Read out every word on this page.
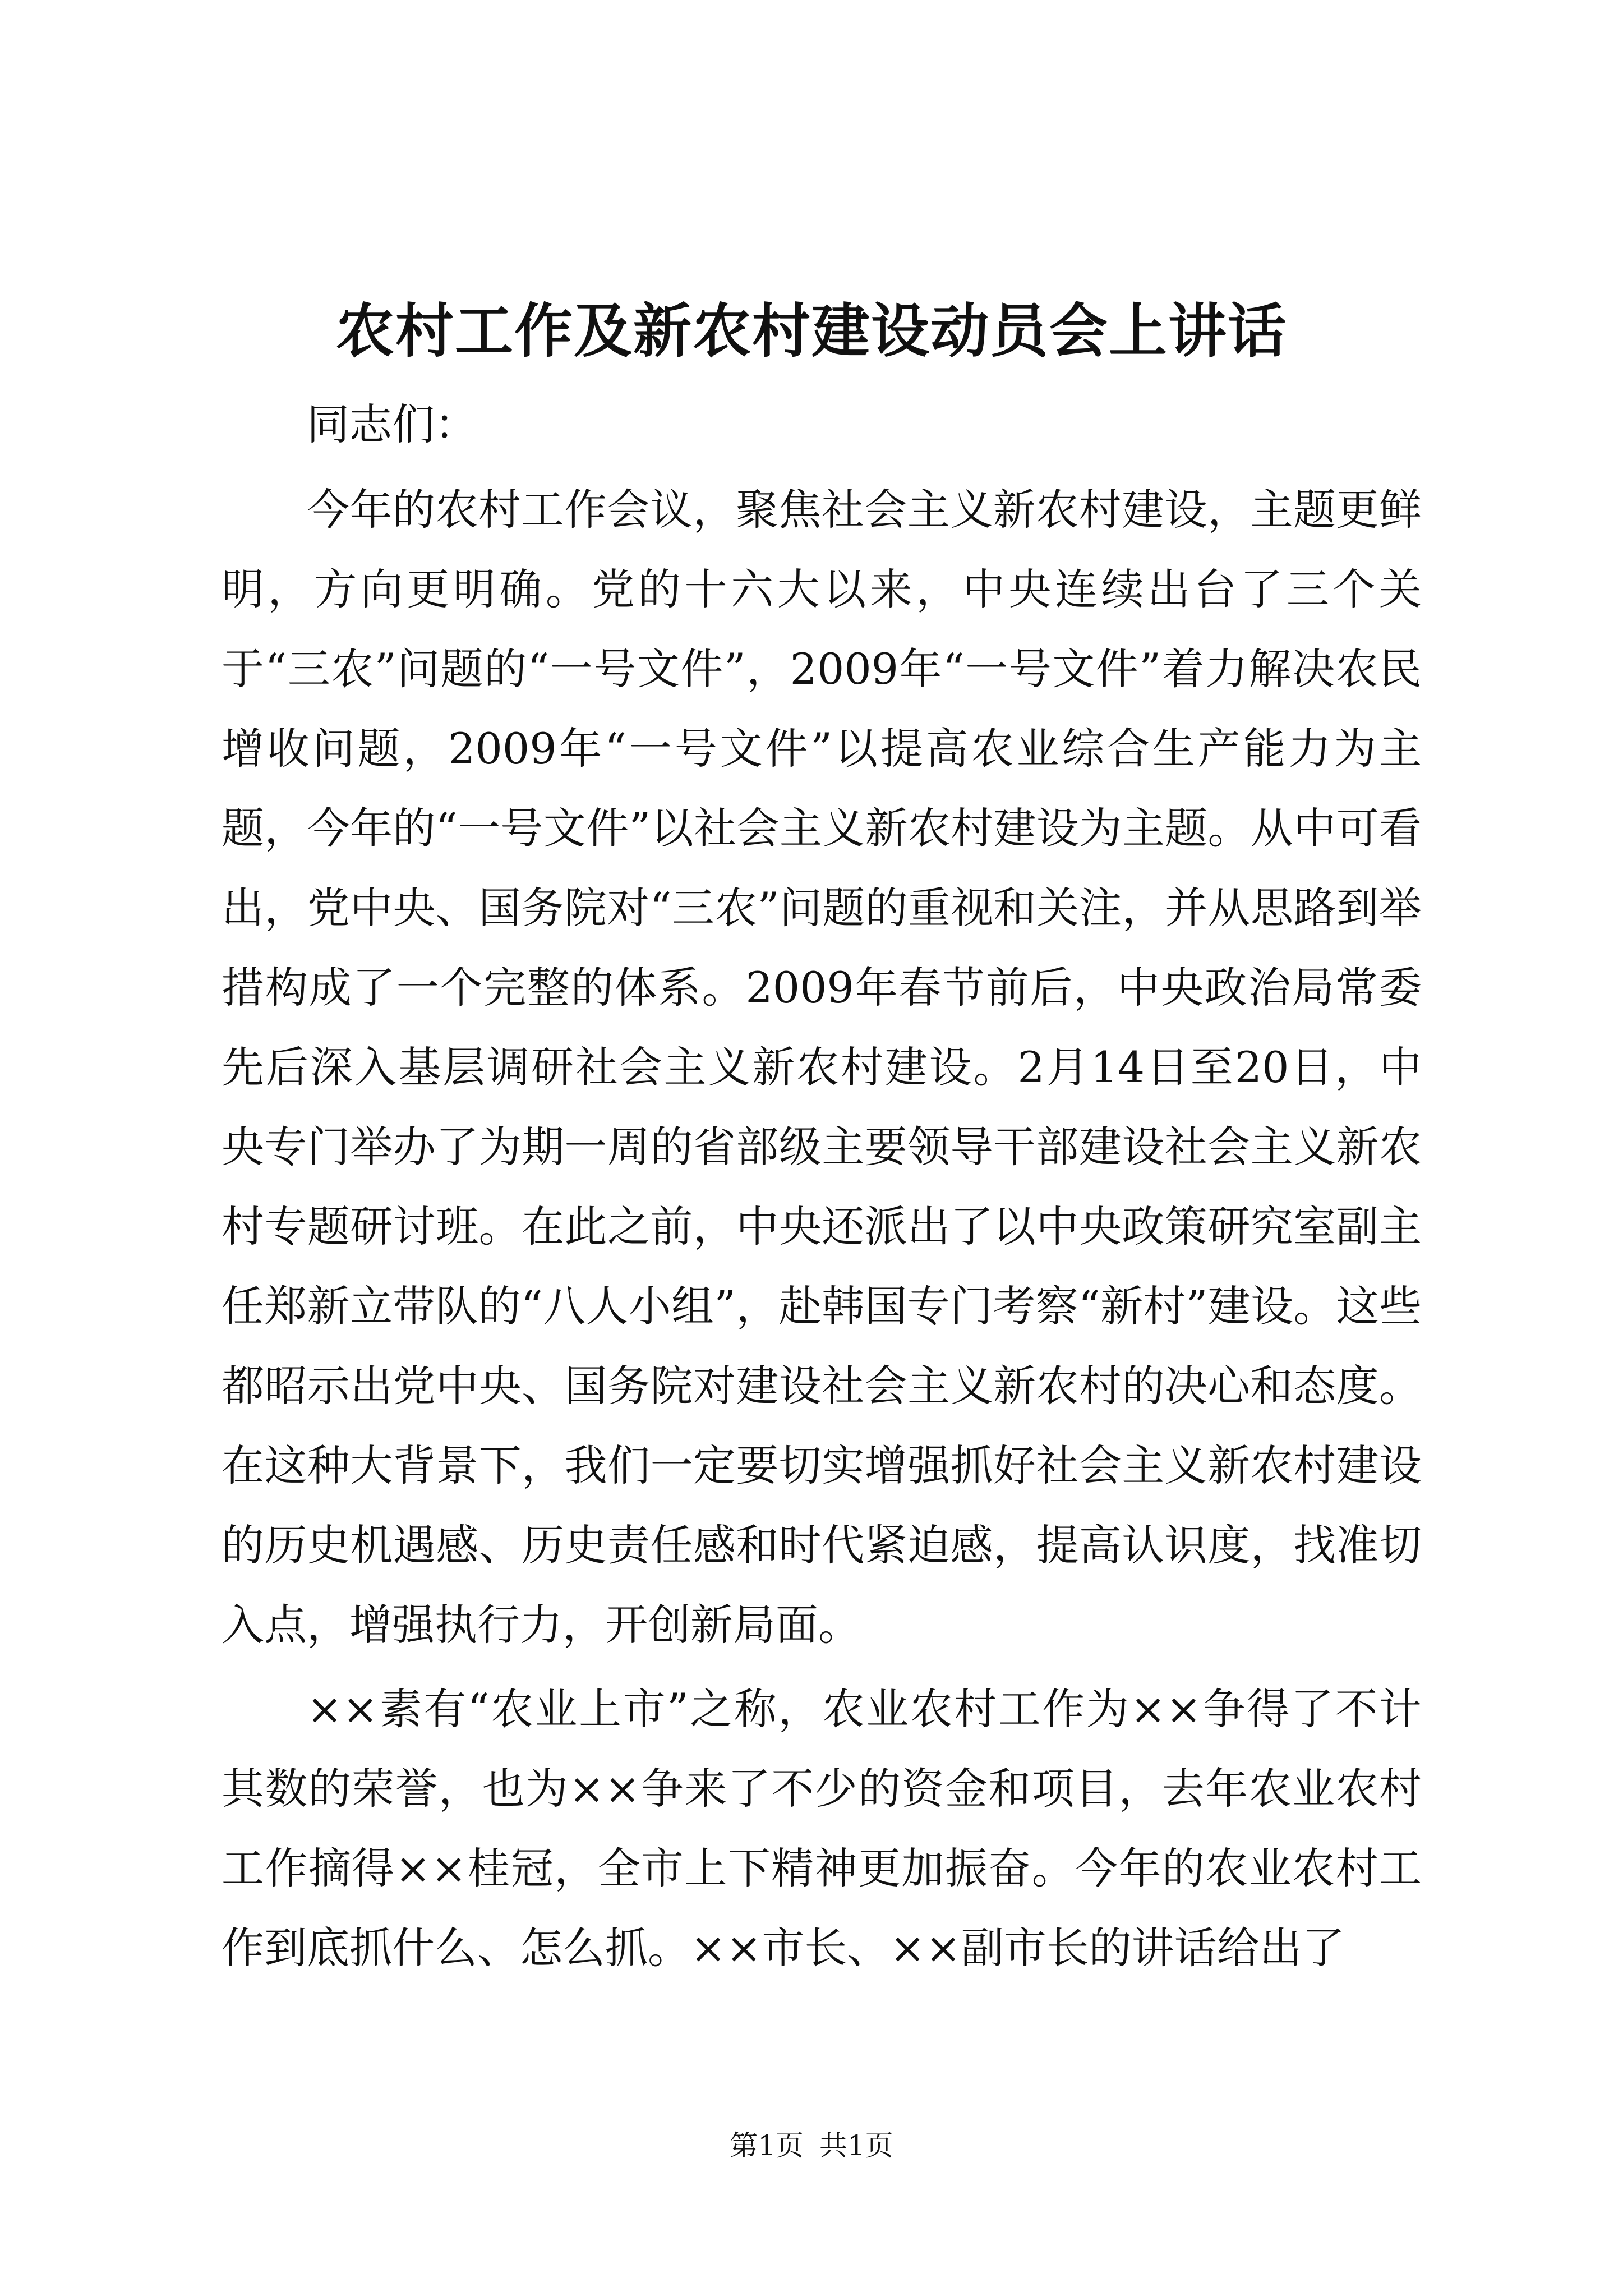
农村工作及新农村建设动员会上讲话

同志们：

今年的农村工作会议，聚焦社会主义新农村建设，主题更鲜明，方向更明确。党的十六大以来，中央连续出台了三个关于“三农”问题的“一号文件”，2009年“一号文件”着力解决农民增收问题，2009年“一号文件”以提高农业综合生产能力为主题，今年的“一号文件”以社会主义新农村建设为主题。从中可看出，党中央、国务院对“三农”问题的重视和关注，并从思路到举措构成了一个完整的体系。2009年春节前后，中央政治局常委先后深入基层调研社会主义新农村建设。2月14日至20日，中央专门举办了为期一周的省部级主要领导干部建设社会主义新农村专题研讨班。在此之前，中央还派出了以中央政策研究室副主任郑新立带队的“八人小组”，赴韩国专门考察“新村”建设。这些都昭示出党中央、国务院对建设社会主义新农村的决心和态度。在这种大背景下，我们一定要切实增强抓好社会主义新农村建设的历史机遇感、历史责任感和时代紧迫感，提高认识度，找准切入点，增强执行力，开创新局面。

××素有“农业上市”之称，农业农村工作为××争得了不计其数的荣誉，也为××争来了不少的资金和项目，去年农业农村工作摘得××桂冠，全市上下精神更加振奋。今年的农业农村工作到底抓什么、怎么抓。××市长、××副市长的讲话给出了

第1页 共1页
